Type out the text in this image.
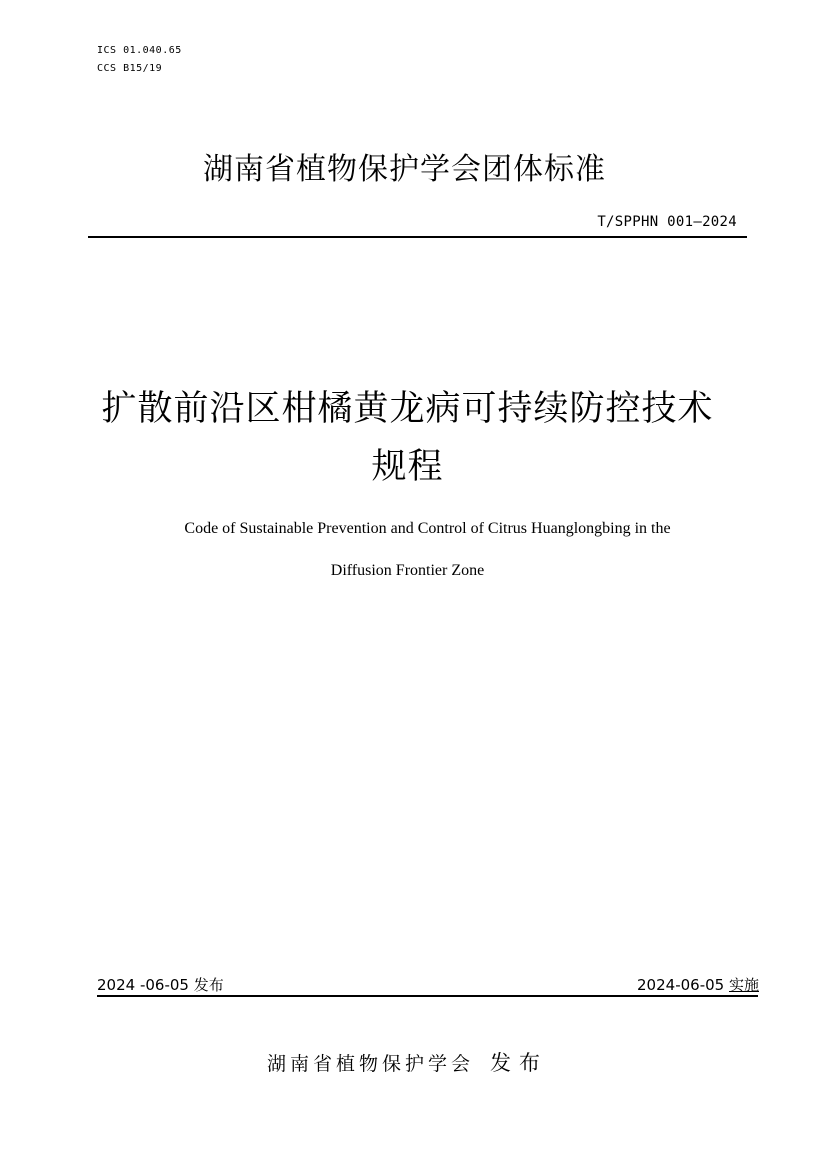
ICS 01.040.65
CCS B15/19
湖南省植物保护学会团体标准
T/SPPHN 001—2024
扩散前沿区柑橘黄龙病可持续防控技术
规程
Code of Sustainable Prevention and Control of Citrus Huanglongbing in the
Diffusion Frontier Zone
2024 -06-05 发布	2024-06-05 实施
湖南省植物保护学会 发布
